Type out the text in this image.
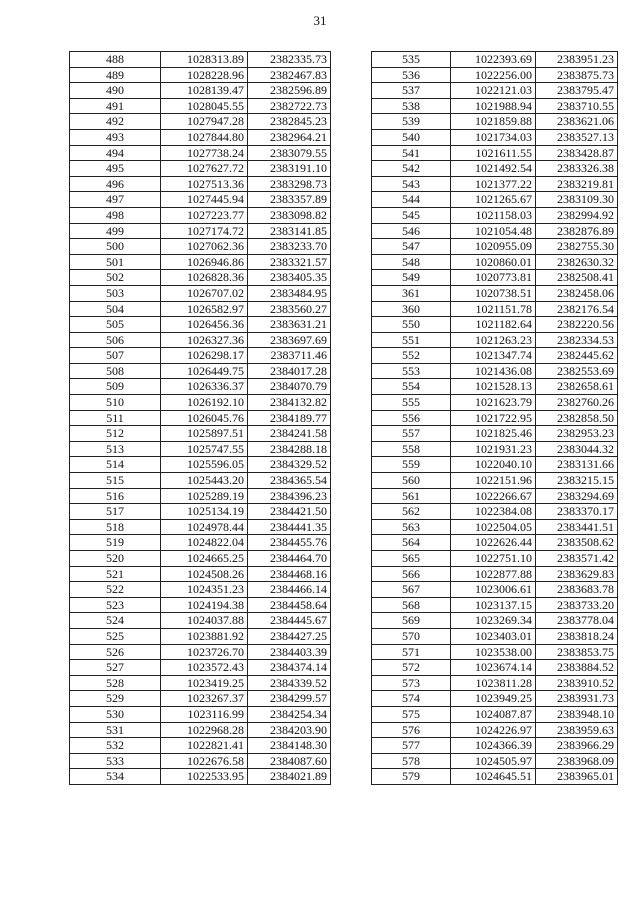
31
488	1028313.89	2382335.73
489	1028228.96	2382467.83
490	1028139.47	2382596.89
491	1028045.55	2382722.73
492	1027947.28	2382845.23
493	1027844.80	2382964.21
494	1027738.24	2383079.55
495	1027627.72	2383191.10
496	1027513.36	2383298.73
497	1027445.94	2383357.89
498	1027223.77	2383098.82
499	1027174.72	2383141.85
500	1027062.36	2383233.70
501	1026946.86	2383321.57
502	1026828.36	2383405.35
503	1026707.02	2383484.95
504	1026582.97	2383560.27
505	1026456.36	2383631.21
506	1026327.36	2383697.69
507	1026298.17	2383711.46
508	1026449.75	2384017.28
509	1026336.37	2384070.79
510	1026192.10	2384132.82
511	1026045.76	2384189.77
512	1025897.51	2384241.58
513	1025747.55	2384288.18
514	1025596.05	2384329.52
515	1025443.20	2384365.54
516	1025289.19	2384396.23
517	1025134.19	2384421.50
518	1024978.44	2384441.35
519	1024822.04	2384455.76
520	1024665.25	2384464.70
521	1024508.26	2384468.16
522	1024351.23	2384466.14
523	1024194.38	2384458.64
524	1024037.88	2384445.67
525	1023881.92	2384427.25
526	1023726.70	2384403.39
527	1023572.43	2384374.14
528	1023419.25	2384339.52
529	1023267.37	2384299.57
530	1023116.99	2384254.34
531	1022968.28	2384203.90
532	1022821.41	2384148.30
533	1022676.58	2384087.60
534	1022533.95	2384021.89
535	1022393.69	2383951.23
536	1022256.00	2383875.73
537	1022121.03	2383795.47
538	1021988.94	2383710.55
539	1021859.88	2383621.06
540	1021734.03	2383527.13
541	1021611.55	2383428.87
542	1021492.54	2383326.38
543	1021377.22	2383219.81
544	1021265.67	2383109.30
545	1021158.03	2382994.92
546	1021054.48	2382876.89
547	1020955.09	2382755.30
548	1020860.01	2382630.32
549	1020773.81	2382508.41
361	1020738.51	2382458.06
360	1021151.78	2382176.54
550	1021182.64	2382220.56
551	1021263.23	2382334.53
552	1021347.74	2382445.62
553	1021436.08	2382553.69
554	1021528.13	2382658.61
555	1021623.79	2382760.26
556	1021722.95	2382858.50
557	1021825.46	2382953.23
558	1021931.23	2383044.32
559	1022040.10	2383131.66
560	1022151.96	2383215.15
561	1022266.67	2383294.69
562	1022384.08	2383370.17
563	1022504.05	2383441.51
564	1022626.44	2383508.62
565	1022751.10	2383571.42
566	1022877.88	2383629.83
567	1023006.61	2383683.78
568	1023137.15	2383733.20
569	1023269.34	2383778.04
570	1023403.01	2383818.24
571	1023538.00	2383853.75
572	1023674.14	2383884.52
573	1023811.28	2383910.52
574	1023949.25	2383931.73
575	1024087.87	2383948.10
576	1024226.97	2383959.63
577	1024366.39	2383966.29
578	1024505.97	2383968.09
579	1024645.51	2383965.01
